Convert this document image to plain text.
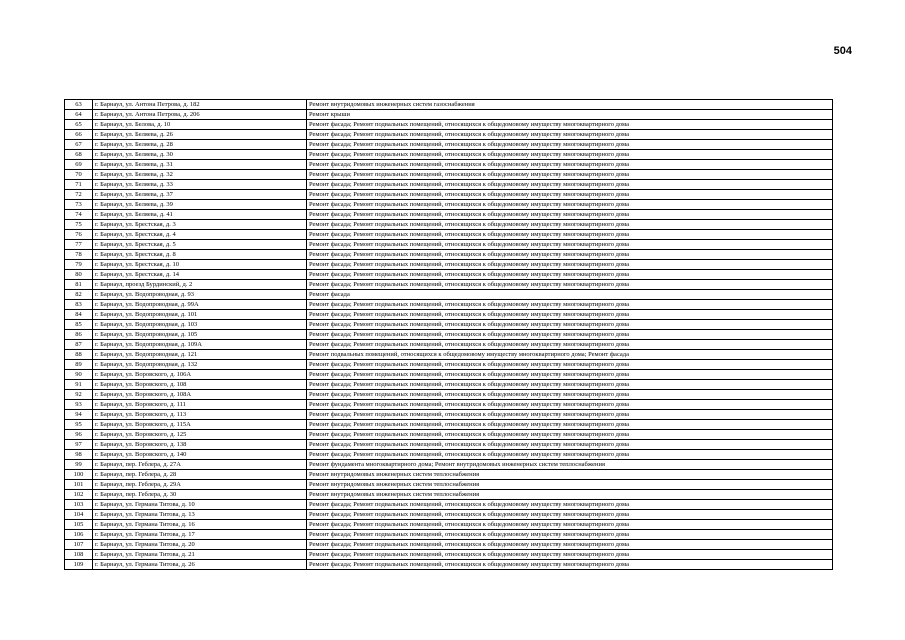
504
63	г. Барнаул, ул. Антона Петрова, д. 182	Ремонт внутридомовых инженерных систем газоснабжения
64	г. Барнаул, ул. Антона Петрова, д. 206	Ремонт крыши
65	г. Барнаул, ул. Белова, д. 10	Ремонт фасада; Ремонт подвальных помещений, относящихся к общедомовому имуществу многоквартирного дома
66	г. Барнаул, ул. Беляева, д. 26	Ремонт фасада; Ремонт подвальных помещений, относящихся к общедомовому имуществу многоквартирного дома
67	г. Барнаул, ул. Беляева, д. 28	Ремонт фасада; Ремонт подвальных помещений, относящихся к общедомовому имуществу многоквартирного дома
68	г. Барнаул, ул. Беляева, д. 30	Ремонт фасада; Ремонт подвальных помещений, относящихся к общедомовому имуществу многоквартирного дома
69	г. Барнаул, ул. Беляева, д. 31	Ремонт фасада; Ремонт подвальных помещений, относящихся к общедомовому имуществу многоквартирного дома
70	г. Барнаул, ул. Беляева, д. 32	Ремонт фасада; Ремонт подвальных помещений, относящихся к общедомовому имуществу многоквартирного дома
71	г. Барнаул, ул. Беляева, д. 33	Ремонт фасада; Ремонт подвальных помещений, относящихся к общедомовому имуществу многоквартирного дома
72	г. Барнаул, ул. Беляева, д. 37	Ремонт фасада; Ремонт подвальных помещений, относящихся к общедомовому имуществу многоквартирного дома
73	г. Барнаул, ул. Беляева, д. 39	Ремонт фасада; Ремонт подвальных помещений, относящихся к общедомовому имуществу многоквартирного дома
74	г. Барнаул, ул. Беляева, д. 41	Ремонт фасада; Ремонт подвальных помещений, относящихся к общедомовому имуществу многоквартирного дома
75	г. Барнаул, ул. Брестская, д. 3	Ремонт фасада; Ремонт подвальных помещений, относящихся к общедомовому имуществу многоквартирного дома
76	г. Барнаул, ул. Брестская, д. 4	Ремонт фасада; Ремонт подвальных помещений, относящихся к общедомовому имуществу многоквартирного дома
77	г. Барнаул, ул. Брестская, д. 5	Ремонт фасада; Ремонт подвальных помещений, относящихся к общедомовому имуществу многоквартирного дома
78	г. Барнаул, ул. Брестская, д. 8	Ремонт фасада; Ремонт подвальных помещений, относящихся к общедомовому имуществу многоквартирного дома
79	г. Барнаул, ул. Брестская, д. 10	Ремонт фасада; Ремонт подвальных помещений, относящихся к общедомовому имуществу многоквартирного дома
80	г. Барнаул, ул. Брестская, д. 14	Ремонт фасада; Ремонт подвальных помещений, относящихся к общедомовому имуществу многоквартирного дома
81	г. Барнаул, проезд Бурдинский, д. 2	Ремонт фасада; Ремонт подвальных помещений, относящихся к общедомовому имуществу многоквартирного дома
82	г. Барнаул, ул. Водопроводная, д. 93	Ремонт фасада
83	г. Барнаул, ул. Водопроводная, д. 99А	Ремонт фасада; Ремонт подвальных помещений, относящихся к общедомовому имуществу многоквартирного дома
84	г. Барнаул, ул. Водопроводная, д. 101	Ремонт фасада; Ремонт подвальных помещений, относящихся к общедомовому имуществу многоквартирного дома
85	г. Барнаул, ул. Водопроводная, д. 103	Ремонт фасада; Ремонт подвальных помещений, относящихся к общедомовому имуществу многоквартирного дома
86	г. Барнаул, ул. Водопроводная, д. 105	Ремонт фасада; Ремонт подвальных помещений, относящихся к общедомовому имуществу многоквартирного дома
87	г. Барнаул, ул. Водопроводная, д. 109А	Ремонт фасада; Ремонт подвальных помещений, относящихся к общедомовому имуществу многоквартирного дома
88	г. Барнаул, ул. Водопроводная, д. 121	Ремонт подвальных помещений, относящихся к общедомовому имуществу многоквартирного дома; Ремонт фасада
89	г. Барнаул, ул. Водопроводная, д. 132	Ремонт фасада; Ремонт подвальных помещений, относящихся к общедомовому имуществу многоквартирного дома
90	г. Барнаул, ул. Воровского, д. 106А	Ремонт фасада; Ремонт подвальных помещений, относящихся к общедомовому имуществу многоквартирного дома
91	г. Барнаул, ул. Воровского, д. 108	Ремонт фасада; Ремонт подвальных помещений, относящихся к общедомовому имуществу многоквартирного дома
92	г. Барнаул, ул. Воровского, д. 108А	Ремонт фасада; Ремонт подвальных помещений, относящихся к общедомовому имуществу многоквартирного дома
93	г. Барнаул, ул. Воровского, д. 111	Ремонт фасада; Ремонт подвальных помещений, относящихся к общедомовому имуществу многоквартирного дома
94	г. Барнаул, ул. Воровского, д. 113	Ремонт фасада; Ремонт подвальных помещений, относящихся к общедомовому имуществу многоквартирного дома
95	г. Барнаул, ул. Воровского, д. 115А	Ремонт фасада; Ремонт подвальных помещений, относящихся к общедомовому имуществу многоквартирного дома
96	г. Барнаул, ул. Воровского, д. 125	Ремонт фасада; Ремонт подвальных помещений, относящихся к общедомовому имуществу многоквартирного дома
97	г. Барнаул, ул. Воровского, д. 138	Ремонт фасада; Ремонт подвальных помещений, относящихся к общедомовому имуществу многоквартирного дома
98	г. Барнаул, ул. Воровского, д. 140	Ремонт фасада; Ремонт подвальных помещений, относящихся к общедомовому имуществу многоквартирного дома
99	г. Барнаул, пер. Геблера, д. 27А	Ремонт фундамента многоквартирного дома; Ремонт внутридомовых инженерных систем теплоснабжения
100	г. Барнаул, пер. Геблера, д. 28	Ремонт внутридомовых инженерных систем теплоснабжения
101	г. Барнаул, пер. Геблера, д. 29А	Ремонт внутридомовых инженерных систем теплоснабжения
102	г. Барнаул, пер. Геблера, д. 30	Ремонт внутридомовых инженерных систем теплоснабжения
103	г. Барнаул, ул. Германа Титова, д. 10	Ремонт фасада; Ремонт подвальных помещений, относящихся к общедомовому имуществу многоквартирного дома
104	г. Барнаул, ул. Германа Титова, д. 13	Ремонт фасада; Ремонт подвальных помещений, относящихся к общедомовому имуществу многоквартирного дома
105	г. Барнаул, ул. Германа Титова, д. 16	Ремонт фасада; Ремонт подвальных помещений, относящихся к общедомовому имуществу многоквартирного дома
106	г. Барнаул, ул. Германа Титова, д. 17	Ремонт фасада; Ремонт подвальных помещений, относящихся к общедомовому имуществу многоквартирного дома
107	г. Барнаул, ул. Германа Титова, д. 20	Ремонт фасада; Ремонт подвальных помещений, относящихся к общедомовому имуществу многоквартирного дома
108	г. Барнаул, ул. Германа Титова, д. 21	Ремонт фасада; Ремонт подвальных помещений, относящихся к общедомовому имуществу многоквартирного дома
109	г. Барнаул, ул. Германа Титова, д. 26	Ремонт фасада; Ремонт подвальных помещений, относящихся к общедомовому имуществу многоквартирного дома
